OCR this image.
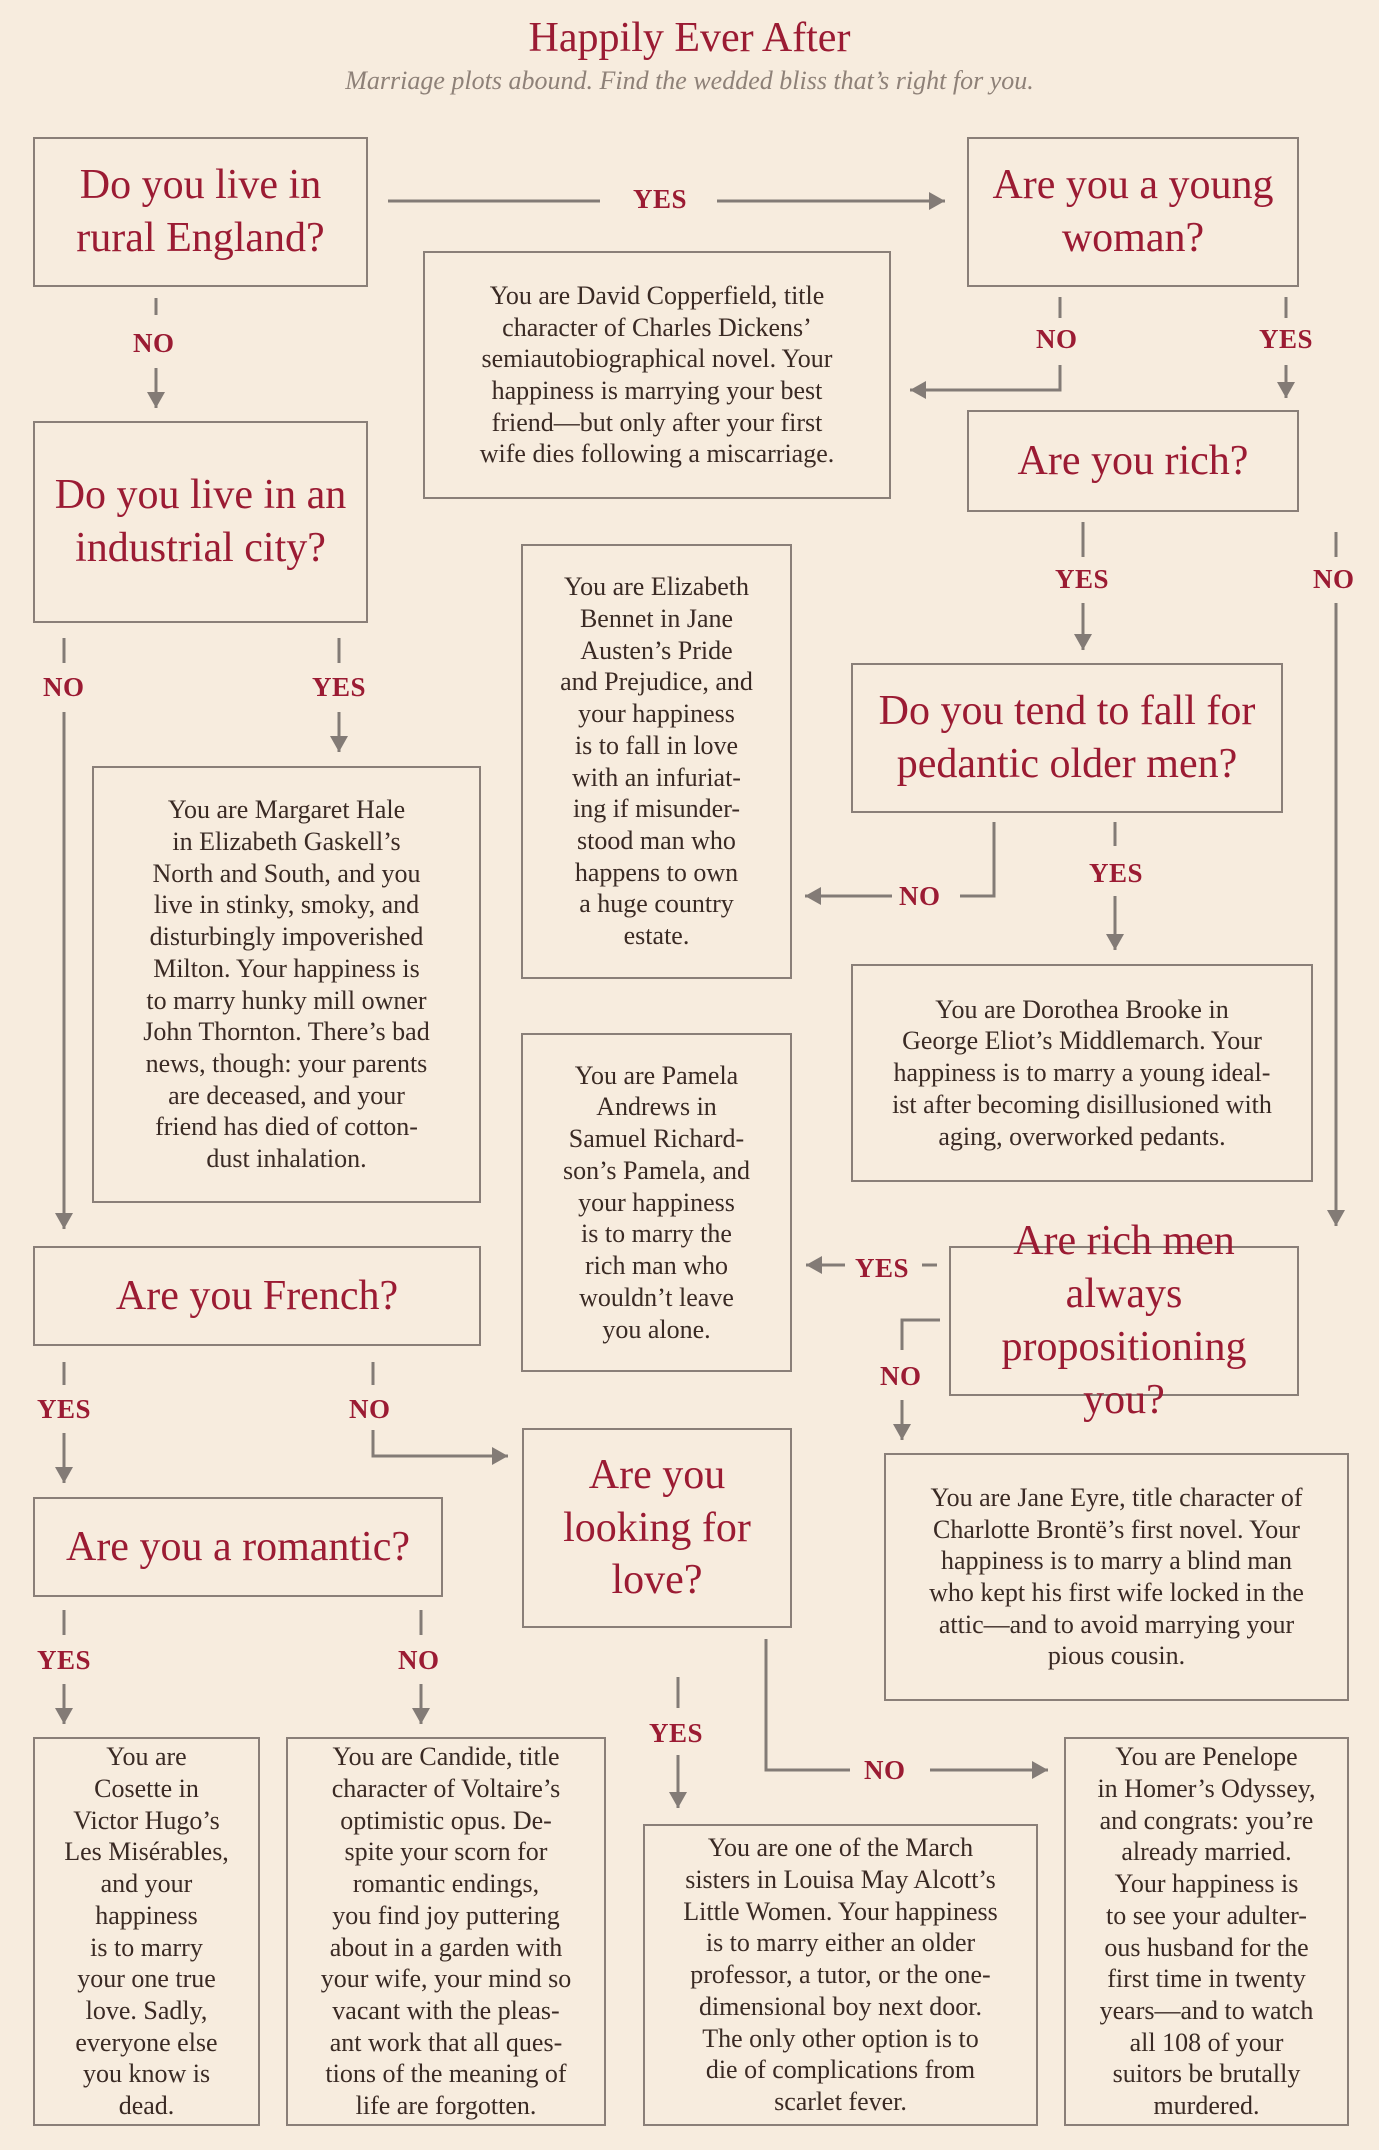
Happily Ever After
Marriage plots abound. Find the wedded bliss that’s right for you.
Do you live in rural England?
Are you a young woman?
Do you live in an industrial city?
Are you rich?
Do you tend to fall for pedantic older men?
Are rich men always propositioning you?
Are you French?
Are you looking for love?
Are you a romantic?
You are David Copperfield, title
character of Charles Dickens’
semiautobiographical novel. Your
happiness is marrying your best
friend—but only after your first
wife dies following a miscarriage.
You are Elizabeth
Bennet in Jane
Austen’s Pride
and Prejudice, and
your happiness
is to fall in love
with an infuriat-
ing if misunder-
stood man who
happens to own
a huge country
estate.
You are Margaret Hale
in Elizabeth Gaskell’s
North and South, and you
live in stinky, smoky, and
disturbingly impoverished
Milton. Your happiness is
to marry hunky mill owner
John Thornton. There’s bad
news, though: your parents
are deceased, and your
friend has died of cotton-
dust inhalation.
You are Dorothea Brooke in
George Eliot’s Middlemarch. Your
happiness is to marry a young ideal-
ist after becoming disillusioned with
aging, overworked pedants.
You are Pamela
Andrews in
Samuel Richard-
son’s Pamela, and
your happiness
is to marry the
rich man who
wouldn’t leave
you alone.
You are Jane Eyre, title character of
Charlotte Brontë’s first novel. Your
happiness is to marry a blind man
who kept his first wife locked in the
attic—and to avoid marrying your
pious cousin.
You are
Cosette in
Victor Hugo’s
Les Misérables,
and your
happiness
is to marry
your one true
love. Sadly,
everyone else
you know is
dead.
You are Candide, title
character of Voltaire’s
optimistic opus. De-
spite your scorn for
romantic endings,
you find joy puttering
about in a garden with
your wife, your mind so
vacant with the pleas-
ant work that all ques-
tions of the meaning of
life are forgotten.
You are one of the March
sisters in Louisa May Alcott’s
Little Women. Your happiness
is to marry either an older
professor, a tutor, or the one-
dimensional boy next door.
The only other option is to
die of complications from
scarlet fever.
You are Penelope
in Homer’s Odyssey,
and congrats: you’re
already married.
Your happiness is
to see your adulter-
ous husband for the
first time in twenty
years—and to watch
all 108 of your
suitors be brutally
murdered.
YES
NO	NO	YES
YES	NO
NO	YES
YES
NO
YES
NO
YES	NO
YES	NO
YES
NO
